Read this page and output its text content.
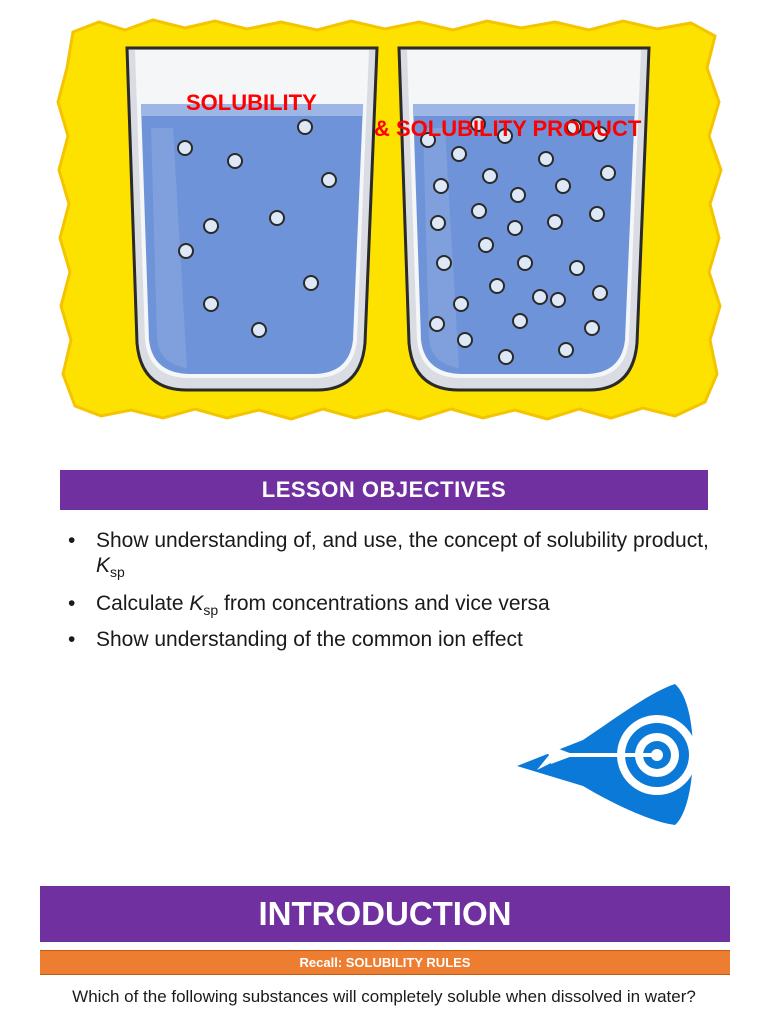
SOLUBILITY

& SOLUBILITY PRODUCT

LESSON OBJECTIVES
• Show understanding of, and use, the concept of solubility product, $K_{sp}$
• Calculate $K_{sp}$ from concentrations and vice versa
• Show understanding of the common ion effect
INTRODUCTION
Recall: SOLUBILITY RULES
Which of the following substances will completely soluble when dissolved in water?
